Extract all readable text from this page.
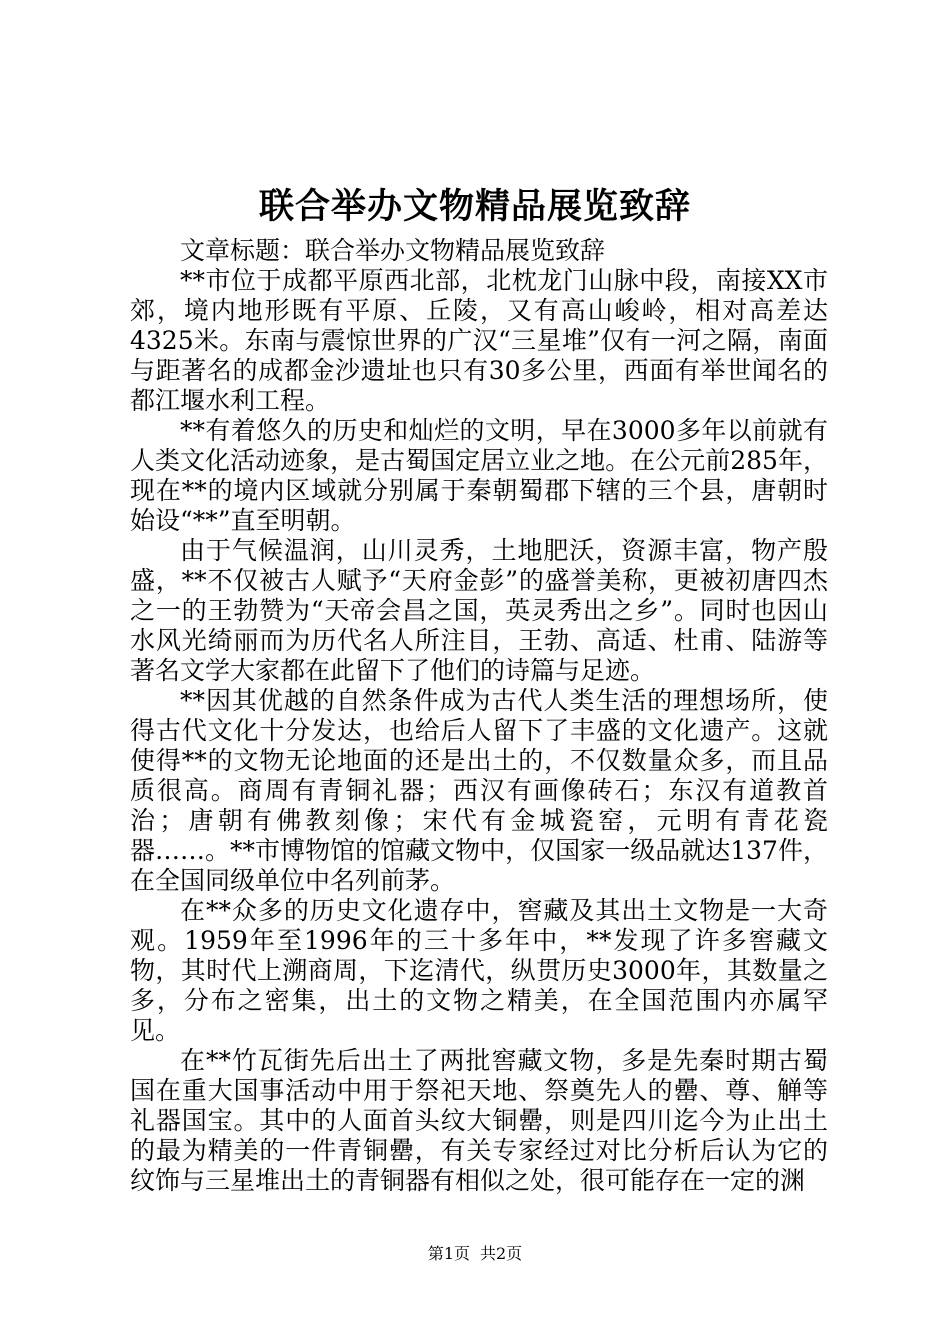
联合举办文物精品展览致辞

文章标题：联合举办文物精品展览致辞

**市位于成都平原西北部，北枕龙门山脉中段，南接XX市郊，境内地形既有平原、丘陵，又有高山峻岭，相对高差达4325米。东南与震惊世界的广汉“三星堆”仅有一河之隔，南面与距著名的成都金沙遗址也只有30多公里，西面有举世闻名的都江堰水利工程。

**有着悠久的历史和灿烂的文明，早在3000多年以前就有人类文化活动迹象，是古蜀国定居立业之地。在公元前285年，现在**的境内区域就分别属于秦朝蜀郡下辖的三个县，唐朝时始设“**”直至明朝。

由于气候温润，山川灵秀，土地肥沃，资源丰富，物产殷盛，**不仅被古人赋予“天府金彭”的盛誉美称，更被初唐四杰之一的王勃赞为“天帝会昌之国，英灵秀出之乡”。同时也因山水风光绮丽而为历代名人所注目，王勃、高适、杜甫、陆游等著名文学大家都在此留下了他们的诗篇与足迹。

**因其优越的自然条件成为古代人类生活的理想场所，使得古代文化十分发达，也给后人留下了丰盛的文化遗产。这就使得**的文物无论地面的还是出土的，不仅数量众多，而且品质很高。商周有青铜礼器；西汉有画像砖石；东汉有道教首治；唐朝有佛教刻像；宋代有金城瓷窑，元明有青花瓷器……。**市博物馆的馆藏文物中，仅国家一级品就达137件，在全国同级单位中名列前茅。

在**众多的历史文化遗存中，窖藏及其出土文物是一大奇观。1959年至1996年的三十多年中，**发现了许多窖藏文物，其时代上溯商周，下迄清代，纵贯历史3000年，其数量之多，分布之密集，出土的文物之精美，在全国范围内亦属罕见。

在**竹瓦街先后出土了两批窖藏文物，多是先秦时期古蜀国在重大国事活动中用于祭祀天地、祭奠先人的罍、尊、觯等礼器国宝。其中的人面首头纹大铜罍，则是四川迄今为止出土的最为精美的一件青铜罍，有关专家经过对比分析后认为它的纹饰与三星堆出土的青铜器有相似之处，很可能存在一定的渊

第1页 共2页
